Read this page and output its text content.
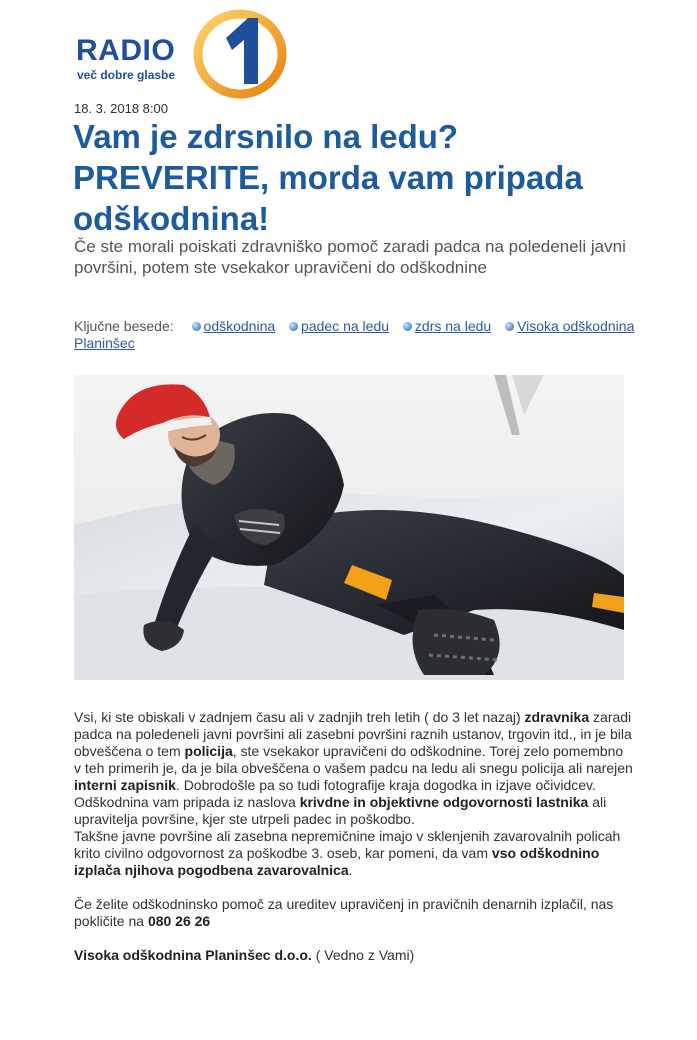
RADIO
več dobre glasbe
18. 3. 2018 8:00
Vam je zdrsnilo na ledu? PREVERITE, morda vam pripada odškodnina!

Če ste morali poiskati zdravniško pomoč zaradi padca na poledeneli javni površini, potem ste vsekakor upravičeni do odškodnine

Ključne besede: odškodnina padec na ledu zdrs na ledu Visoka odškodnina Planinšec

Vsi, ki ste obiskali v zadnjem času ali v zadnjih treh letih ( do 3 let nazaj) zdravnika zaradi padca na poledeneli javni površini ali zasebni površini raznih ustanov, trgovin itd., in je bila obveščena o tem policija, ste vsekakor upravičeni do odškodnine. Torej zelo pomembno v teh primerih je, da je bila obveščena o vašem padcu na ledu ali snegu policija ali narejen interni zapisnik. Dobrodošle pa so tudi fotografije kraja dogodka in izjave očividcev.

Odškodnina vam pripada iz naslova krivdne in objektivne odgovornosti lastnika ali upravitelja površine, kjer ste utrpeli padec in poškodbo.

Takšne javne površine ali zasebna nepremičnine imajo v sklenjenih zavarovalnih policah krito civilno odgovornost za poškodbe 3. oseb, kar pomeni, da vam vso odškodnino izplača njihova pogodbena zavarovalnica.

Če želite odškodninsko pomoč za ureditev upravičenj in pravičnih denarnih izplačil, nas pokličite na 080 26 26

Visoka odškodnina Planinšec d.o.o. ( Vedno z Vami)
